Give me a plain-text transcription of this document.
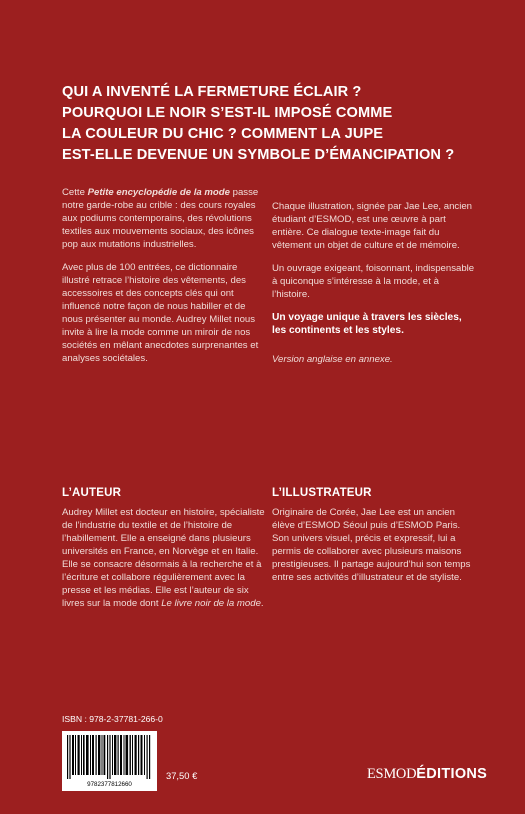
QUI A INVENTÉ LA FERMETURE ÉCLAIR ?
POURQUOI LE NOIR S’EST-IL IMPOSÉ COMME
LA COULEUR DU CHIC ? COMMENT LA JUPE
EST-ELLE DEVENUE UN SYMBOLE D’ÉMANCIPATION ?

Cette Petite encyclopédie de la mode passe notre garde-robe au crible : des cours royales aux podiums contemporains, des révolutions textiles aux mouvements sociaux, des icônes pop aux mutations industrielles.

Avec plus de 100 entrées, ce dictionnaire illustré retrace l’histoire des vêtements, des accessoires et des concepts clés qui ont influencé notre façon de nous habiller et de nous présenter au monde. Audrey Millet nous invite à lire la mode comme un miroir de nos sociétés en mêlant anecdotes surprenantes et analyses sociétales.

Chaque illustration, signée par Jae Lee, ancien étudiant d’ESMOD, est une œuvre à part entière. Ce dialogue texte-image fait du vêtement un objet de culture et de mémoire.

Un ouvrage exigeant, foisonnant, indispensable à quiconque s’intéresse à la mode, et à l’histoire.

Un voyage unique à travers les siècles, les continents et les styles.

Version anglaise en annexe.
L’AUTEUR
Audrey Millet est docteur en histoire, spécialiste de l’industrie du textile et de l’histoire de l’habillement. Elle a enseigné dans plusieurs universités en France, en Norvège et en Italie. Elle se consacre désormais à la recherche et à l’écriture et collabore régulièrement avec la presse et les médias. Elle est l’auteur de six livres sur la mode dont Le livre noir de la mode.
L’ILLUSTRATEUR
Originaire de Corée, Jae Lee est un ancien élève d’ESMOD Séoul puis d’ESMOD Paris. Son univers visuel, précis et expressif, lui a permis de collaborer avec plusieurs maisons prestigieuses. Il partage aujourd’hui son temps entre ses activités d’illustrateur et de styliste.
ISBN : 978-2-37781-266-0
9782377812660
37,50 €	ESMODÉDITIONS
